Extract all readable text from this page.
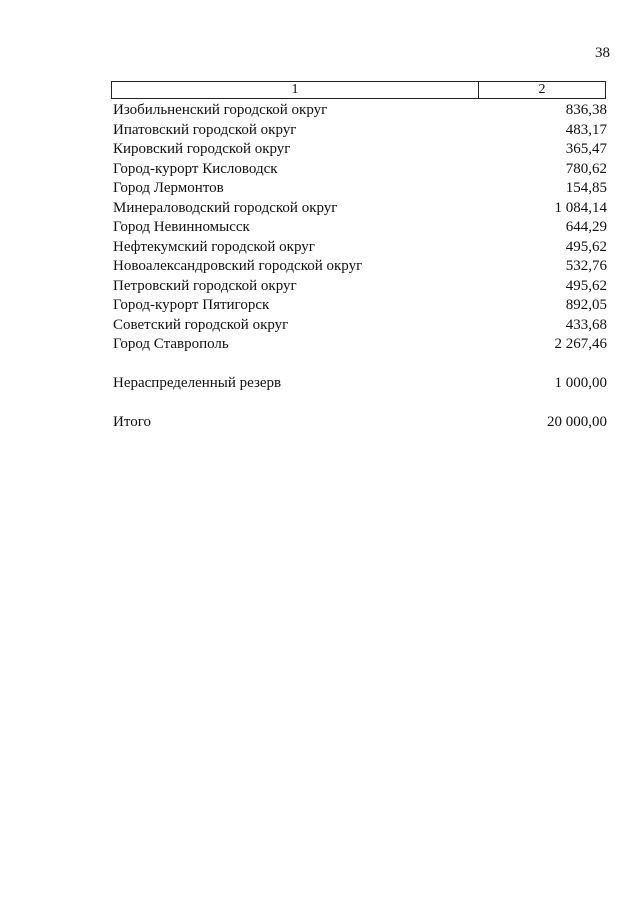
38
1	2
Изобильненский городской округ	836,38
Ипатовский городской округ	483,17
Кировский городской округ	365,47
Город-курорт Кисловодск	780,62
Город Лермонтов	154,85
Минераловодский городской округ	1 084,14
Город Невинномысск	644,29
Нефтекумский городской округ	495,62
Новоалександровский городской округ	532,76
Петровский городской округ	495,62
Город-курорт Пятигорск	892,05
Советский городской округ	433,68
Город Ставрополь	2 267,46
Нераспределенный резерв	1 000,00
Итого	20 000,00
